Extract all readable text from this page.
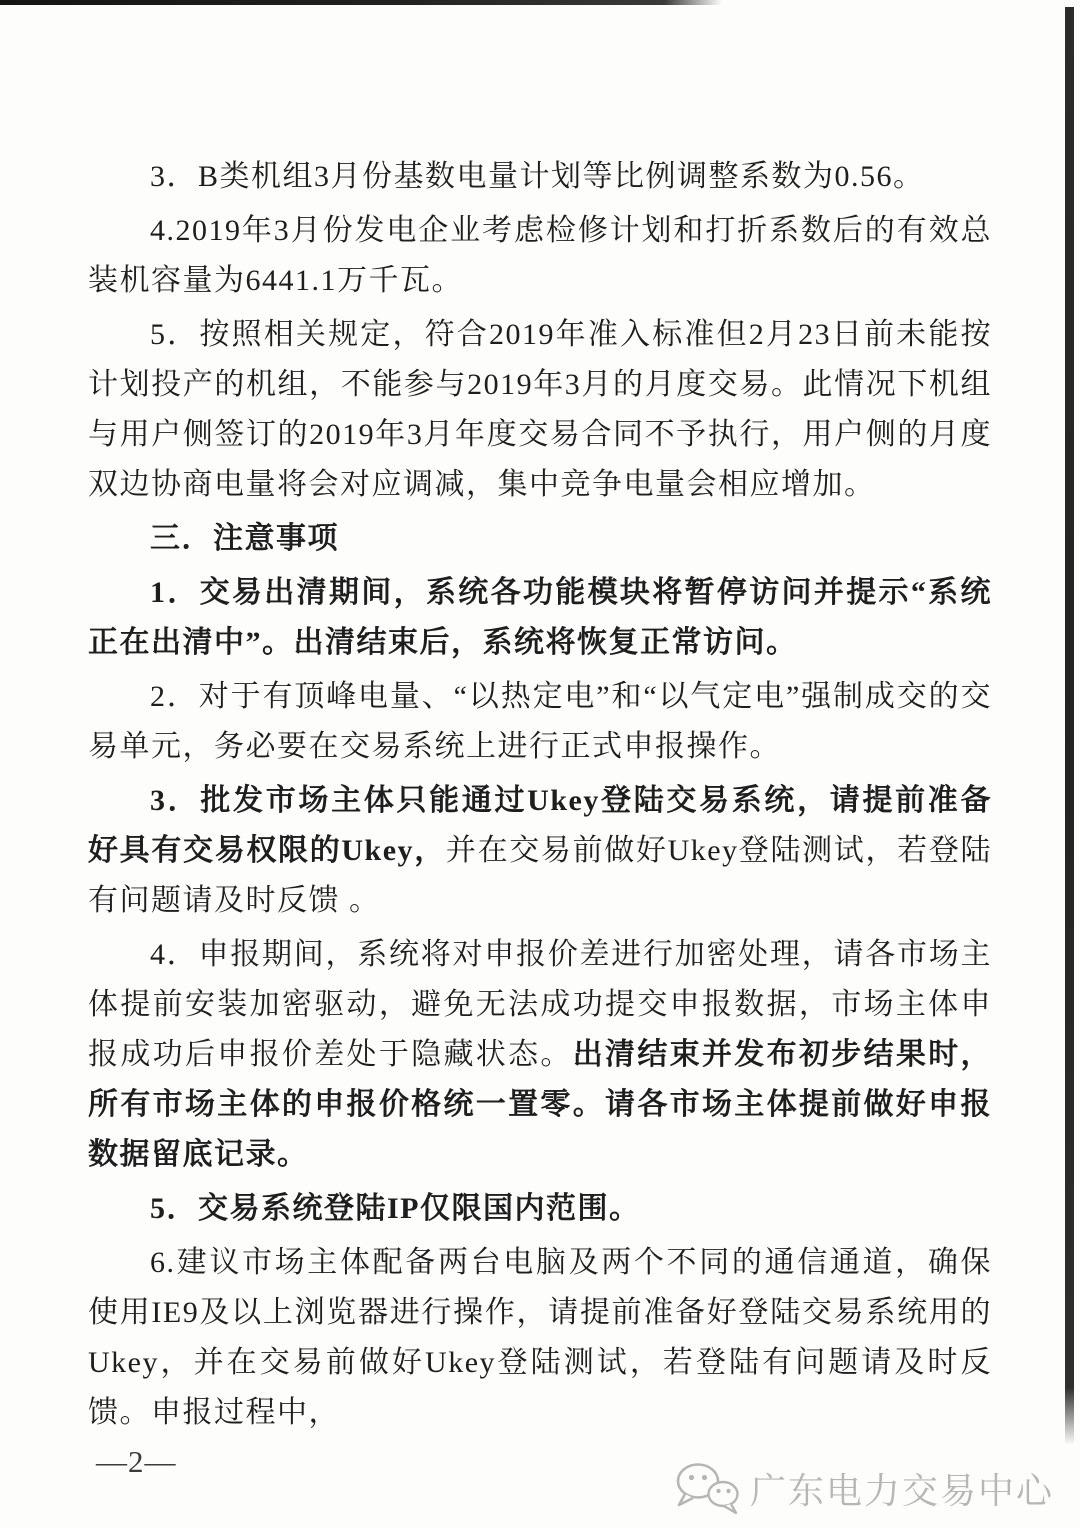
3．B类机组3月份基数电量计划等比例调整系数为0.56。

4.2019年3月份发电企业考虑检修计划和打折系数后的有效总装机容量为6441.1万千瓦。

5．按照相关规定，符合2019年准入标准但2月23日前未能按计划投产的机组，不能参与2019年3月的月度交易。此情况下机组与用户侧签订的2019年3月年度交易合同不予执行，用户侧的月度双边协商电量将会对应调减，集中竞争电量会相应增加。

三．注意事项

1．交易出清期间，系统各功能模块将暂停访问并提示“系统正在出清中”。出清结束后，系统将恢复正常访问。

2．对于有顶峰电量、“以热定电”和“以气定电”强制成交的交易单元，务必要在交易系统上进行正式申报操作。

3．批发市场主体只能通过Ukey登陆交易系统，请提前准备好具有交易权限的Ukey，并在交易前做好Ukey登陆测试，若登陆有问题请及时反馈 。

4．申报期间，系统将对申报价差进行加密处理，请各市场主体提前安装加密驱动，避免无法成功提交申报数据，市场主体申报成功后申报价差处于隐藏状态。出清结束并发布初步结果时，所有市场主体的申报价格统一置零。请各市场主体提前做好申报数据留底记录。

5．交易系统登陆IP仅限国内范围。

6.建议市场主体配备两台电脑及两个不同的通信通道，确保使用IE9及以上浏览器进行操作，请提前准备好登陆交易系统用的Ukey，并在交易前做好Ukey登陆测试，若登陆有问题请及时反馈。申报过程中，

—2—
广东电力交易中心
